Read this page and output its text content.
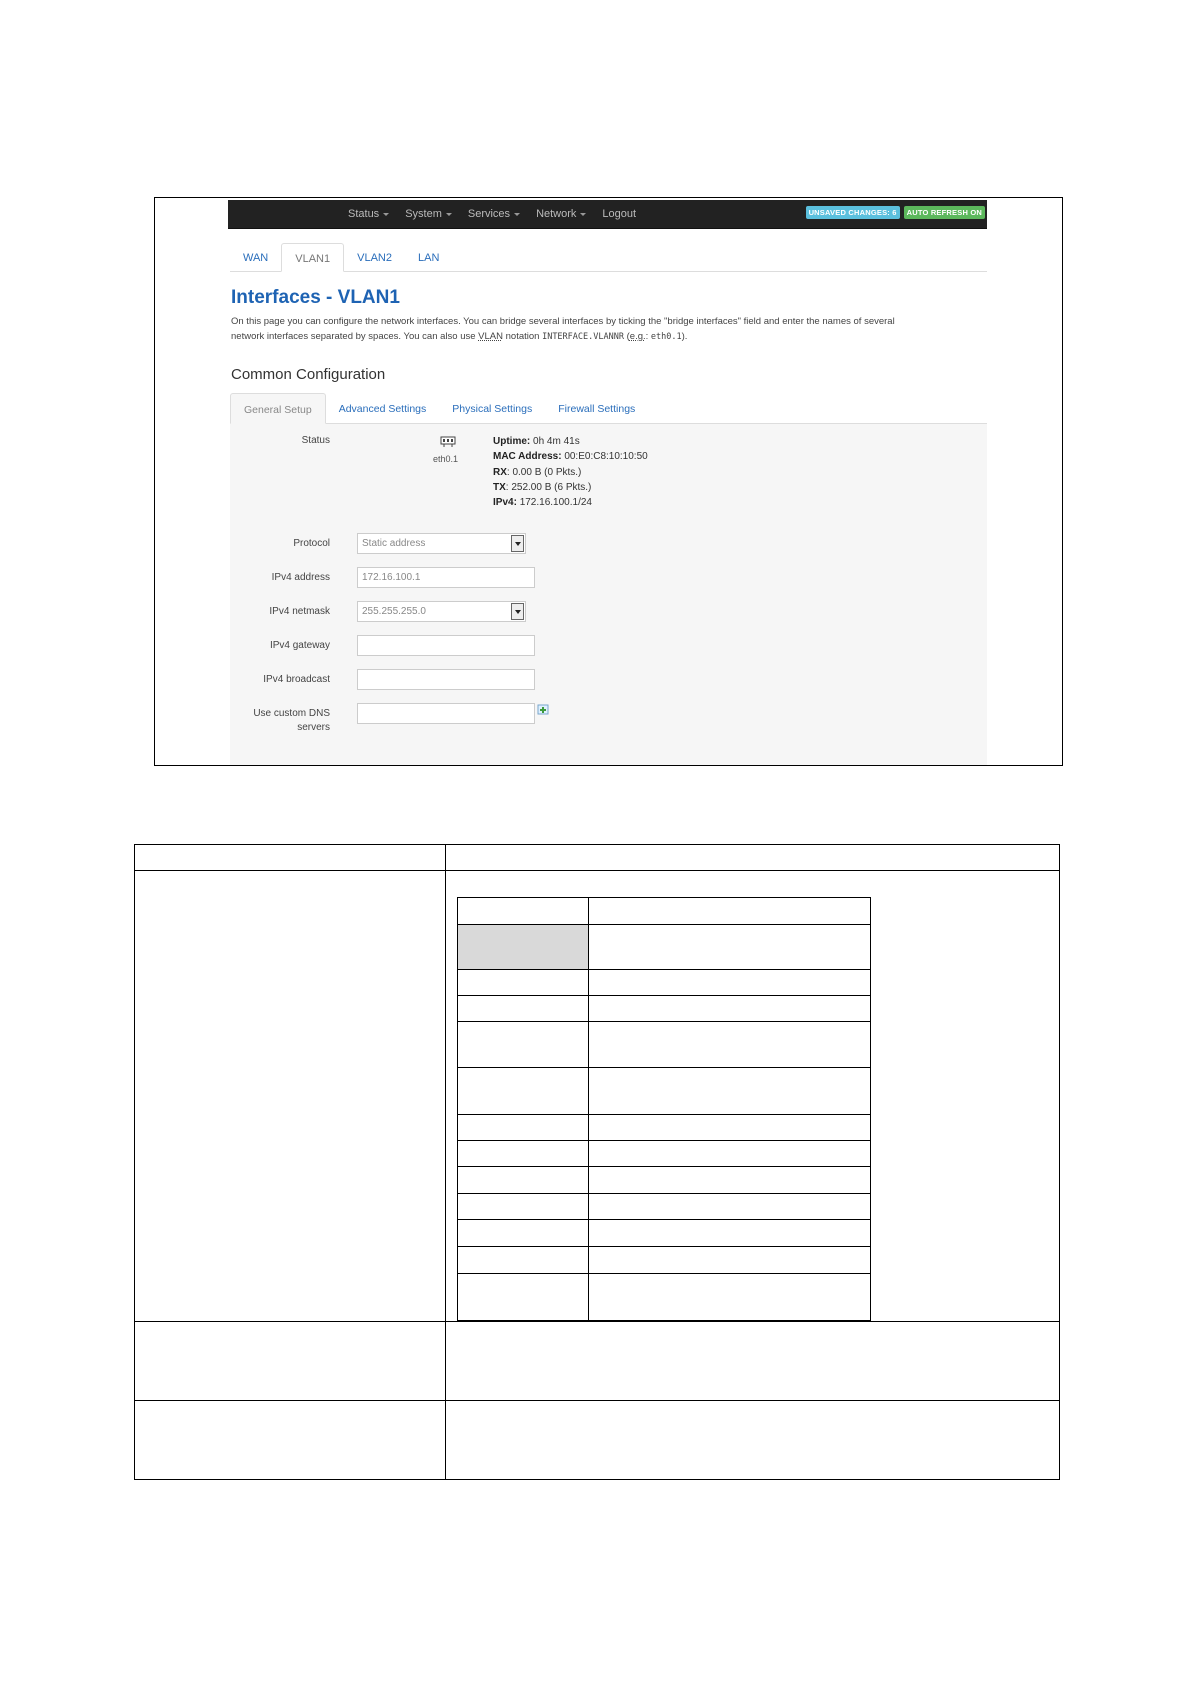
Status System Services Network Logout	UNSAVED CHANGES: 6	AUTO REFRESH ON
WAN	VLAN1	VLAN2	LAN
Interfaces - VLAN1
On this page you can configure the network interfaces. You can bridge several interfaces by ticking the "bridge interfaces" field and enter the names of several
network interfaces separated by spaces. You can also use VLAN notation INTERFACE.VLANNR (e.g.: eth0.1).
Common Configuration
General Setup	Advanced Settings	Physical Settings	Firewall Settings
Status
eth0.1
Uptime: 0h 4m 41s
MAC Address: 00:E0:C8:10:10:50
RX: 0.00 B (0 Pkts.)
TX: 252.00 B (6 Pkts.)
IPv4: 172.16.100.1/24
Protocol	Static address
IPv4 address	172.16.100.1
IPv4 netmask	255.255.255.0
IPv4 gateway
IPv4 broadcast
Use custom DNS
servers
